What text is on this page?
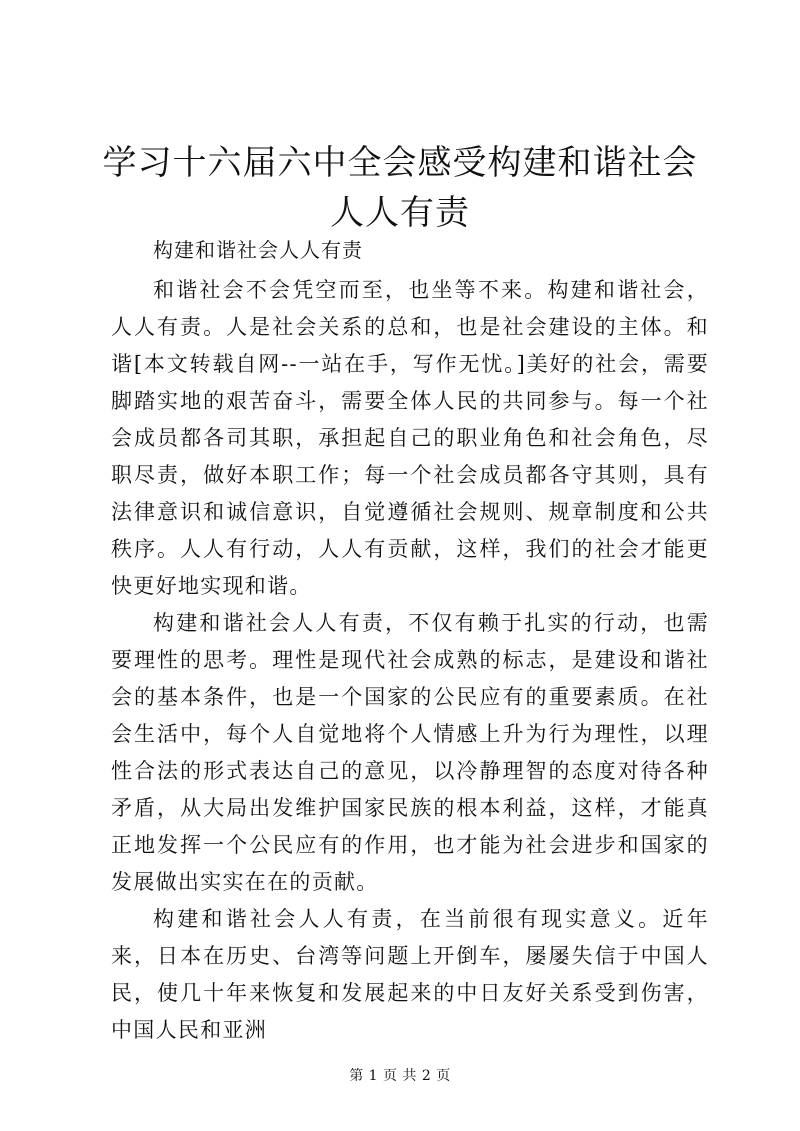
学习十六届六中全会感受构建和谐社会人人有责

构建和谐社会人人有责

和谐社会不会凭空而至，也坐等不来。构建和谐社会，人人有责。人是社会关系的总和，也是社会建设的主体。和谐[本文转载自网--一站在手，写作无忧。]美好的社会，需要脚踏实地的艰苦奋斗，需要全体人民的共同参与。每一个社会成员都各司其职，承担起自己的职业角色和社会角色，尽职尽责，做好本职工作；每一个社会成员都各守其则，具有法律意识和诚信意识，自觉遵循社会规则、规章制度和公共秩序。人人有行动，人人有贡献，这样，我们的社会才能更快更好地实现和谐。

构建和谐社会人人有责，不仅有赖于扎实的行动，也需要理性的思考。理性是现代社会成熟的标志，是建设和谐社会的基本条件，也是一个国家的公民应有的重要素质。在社会生活中，每个人自觉地将个人情感上升为行为理性，以理性合法的形式表达自己的意见，以冷静理智的态度对待各种矛盾，从大局出发维护国家民族的根本利益，这样，才能真正地发挥一个公民应有的作用，也才能为社会进步和国家的发展做出实实在在的贡献。

构建和谐社会人人有责，在当前很有现实意义。近年来，日本在历史、台湾等问题上开倒车，屡屡失信于中国人民，使几十年来恢复和发展起来的中日友好关系受到伤害，中国人民和亚洲

第 1 页 共 2 页
